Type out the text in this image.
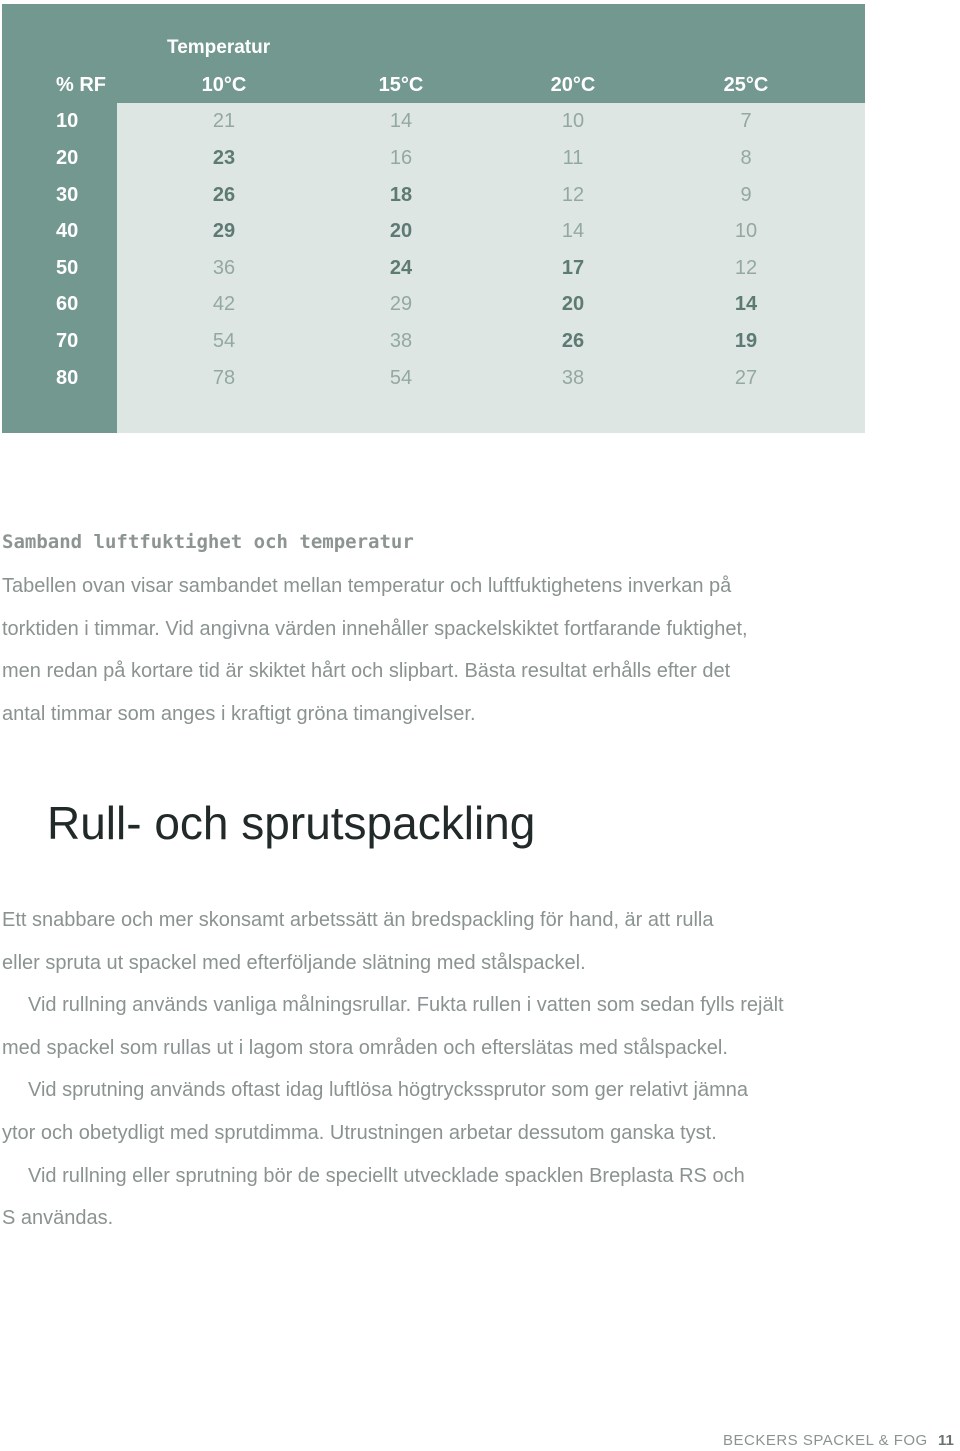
Temperatur
% RF	10°C	15°C	20°C	25°C
10	21	14	10	7
20	23	16	11	8
30	26	18	12	9
40	29	20	14	10
50	36	24	17	12
60	42	29	20	14
70	54	38	26	19
80	78	54	38	27
Samband luftfuktighet och temperatur
Tabellen ovan visar sambandet mellan temperatur och luftfuktighetens inverkan på
torktiden i timmar. Vid angivna värden innehåller spackelskiktet fortfarande fuktighet,
men redan på kortare tid är skiktet hårt och slipbart. Bästa resultat erhålls efter det
antal timmar som anges i kraftigt gröna timangivelser.
Rull- och sprutspackling
Ett snabbare och mer skonsamt arbetssätt än bredspackling för hand, är att rulla
eller spruta ut spackel med efterföljande slätning med stålspackel.
Vid rullning används vanliga målningsrullar. Fukta rullen i vatten som sedan fylls rejält
med spackel som rullas ut i lagom stora områden och efterslätas med stålspackel.
Vid sprutning används oftast idag luftlösa högtryckssprutor som ger relativt jämna
ytor och obetydligt med sprutdimma. Utrustningen arbetar dessutom ganska tyst.
Vid rullning eller sprutning bör de speciellt utvecklade spacklen Breplasta RS och
S användas.
BECKERS SPACKEL & FOG 11
